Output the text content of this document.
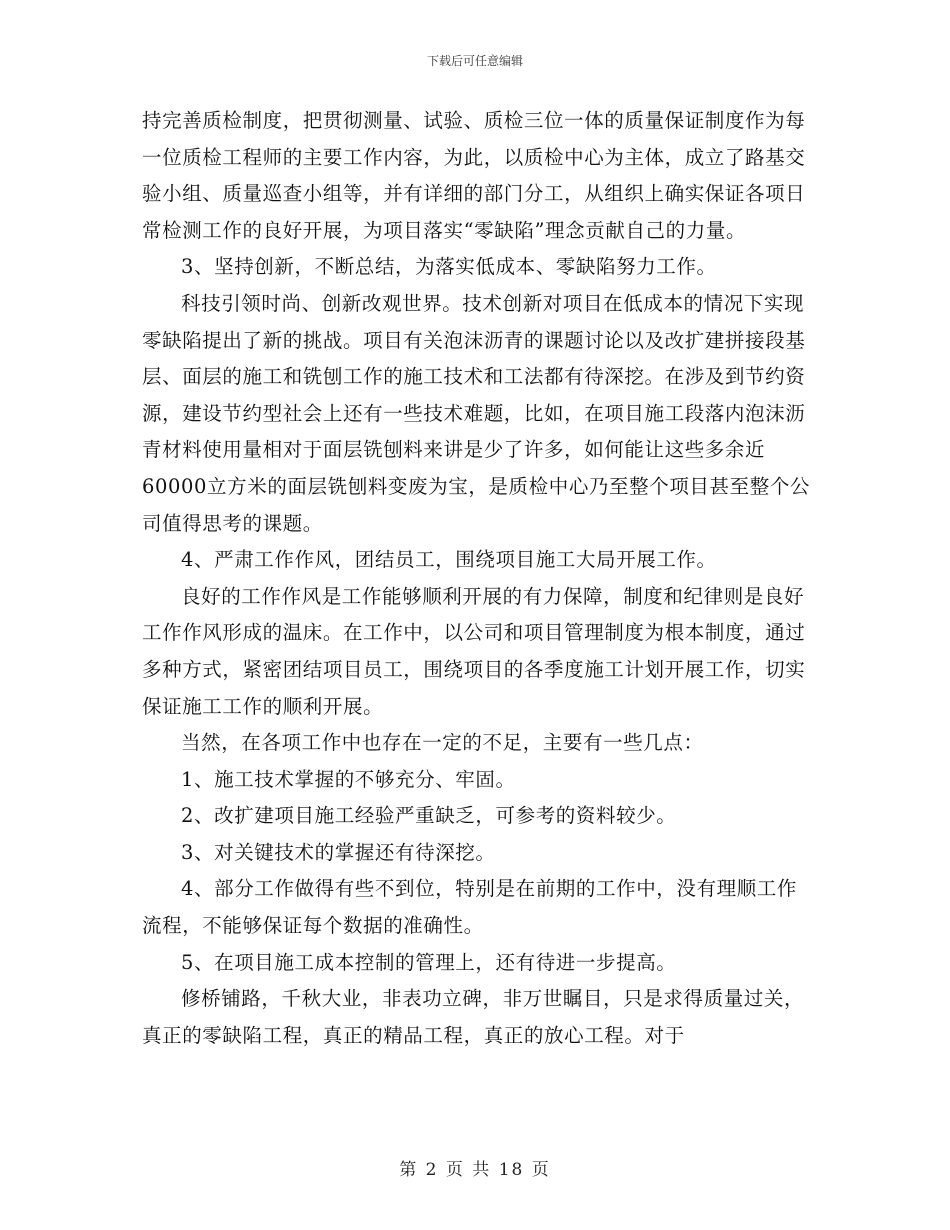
下载后可任意编辑

持完善质检制度，把贯彻测量、试验、质检三位一体的质量保证制度作为每一位质检工程师的主要工作内容，为此，以质检中心为主体，成立了路基交验小组、质量巡查小组等，并有详细的部门分工，从组织上确实保证各项日常检测工作的良好开展，为项目落实“零缺陷”理念贡献自己的力量。

3、坚持创新，不断总结，为落实低成本、零缺陷努力工作。

科技引领时尚、创新改观世界。技术创新对项目在低成本的情况下实现零缺陷提出了新的挑战。项目有关泡沫沥青的课题讨论以及改扩建拼接段基层、面层的施工和铣刨工作的施工技术和工法都有待深挖。在涉及到节约资源，建设节约型社会上还有一些技术难题，比如，在项目施工段落内泡沫沥青材料使用量相对于面层铣刨料来讲是少了许多，如何能让这些多余近60000立方米的面层铣刨料变废为宝，是质检中心乃至整个项目甚至整个公司值得思考的课题。

4、严肃工作作风，团结员工，围绕项目施工大局开展工作。

良好的工作作风是工作能够顺利开展的有力保障，制度和纪律则是良好工作作风形成的温床。在工作中，以公司和项目管理制度为根本制度，通过多种方式，紧密团结项目员工，围绕项目的各季度施工计划开展工作，切实保证施工工作的顺利开展。

当然，在各项工作中也存在一定的不足，主要有一些几点：

1、施工技术掌握的不够充分、牢固。

2、改扩建项目施工经验严重缺乏，可参考的资料较少。

3、对关键技术的掌握还有待深挖。

4、部分工作做得有些不到位，特别是在前期的工作中，没有理顺工作流程，不能够保证每个数据的准确性。

5、在项目施工成本控制的管理上，还有待进一步提高。

修桥铺路，千秋大业，非表功立碑，非万世瞩目，只是求得质量过关，真正的零缺陷工程，真正的精品工程，真正的放心工程。对于

第 2 页 共 18 页
